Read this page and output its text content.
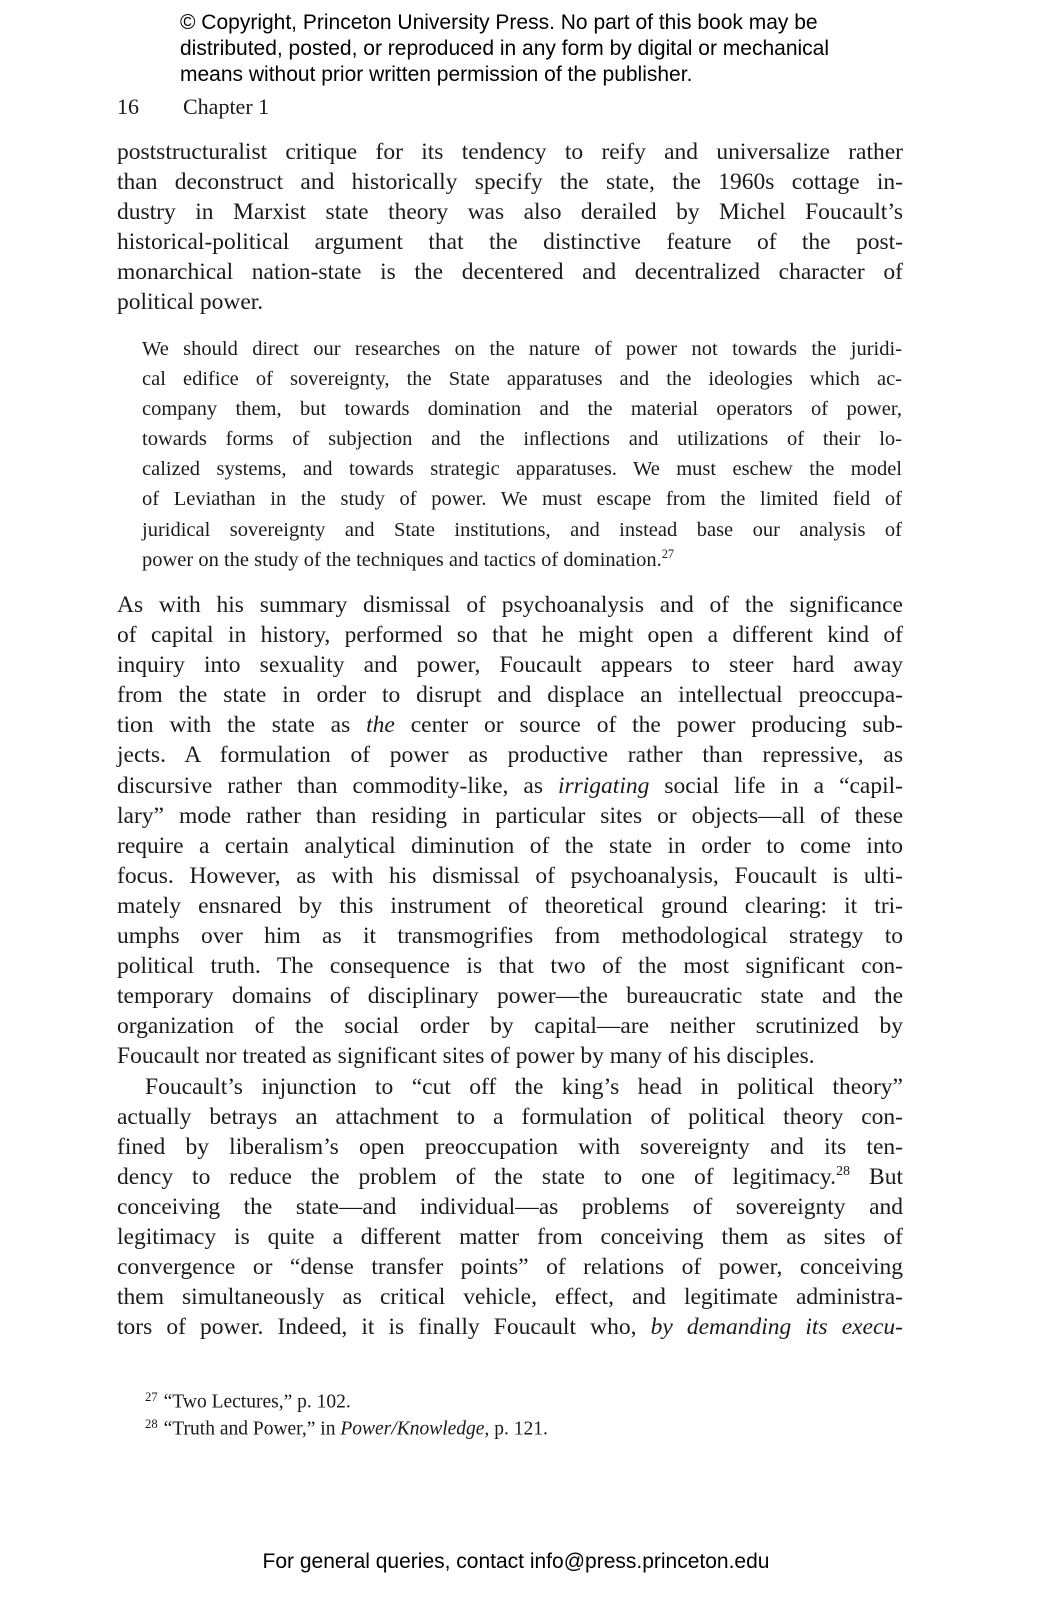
© Copyright, Princeton University Press. No part of this book may be
distributed, posted, or reproduced in any form by digital or mechanical
means without prior written permission of the publisher.
16 Chapter 1
poststructuralist critique for its tendency to reify and universalize rather
than deconstruct and historically specify the state, the 1960s cottage in-
dustry in Marxist state theory was also derailed by Michel Foucault’s
historical-political argument that the distinctive feature of the post-
monarchical nation-state is the decentered and decentralized character of
political power.
We should direct our researches on the nature of power not towards the juridi-
cal edifice of sovereignty, the State apparatuses and the ideologies which ac-
company them, but towards domination and the material operators of power,
towards forms of subjection and the inflections and utilizations of their lo-
calized systems, and towards strategic apparatuses. We must eschew the model
of Leviathan in the study of power. We must escape from the limited field of
juridical sovereignty and State institutions, and instead base our analysis of
power on the study of the techniques and tactics of domination.$^{27}$
As with his summary dismissal of psychoanalysis and of the significance
of capital in history, performed so that he might open a different kind of
inquiry into sexuality and power, Foucault appears to steer hard away
from the state in order to disrupt and displace an intellectual preoccupa-
tion with the state as the center or source of the power producing sub-
jects. A formulation of power as productive rather than repressive, as
discursive rather than commodity-like, as irrigating social life in a “capil-
lary” mode rather than residing in particular sites or objects—all of these
require a certain analytical diminution of the state in order to come into
focus. However, as with his dismissal of psychoanalysis, Foucault is ulti-
mately ensnared by this instrument of theoretical ground clearing: it tri-
umphs over him as it transmogrifies from methodological strategy to
political truth. The consequence is that two of the most significant con-
temporary domains of disciplinary power—the bureaucratic state and the
organization of the social order by capital—are neither scrutinized by
Foucault nor treated as significant sites of power by many of his disciples.
Foucault’s injunction to “cut off the king’s head in political theory”
actually betrays an attachment to a formulation of political theory con-
fined by liberalism’s open preoccupation with sovereignty and its ten-
dency to reduce the problem of the state to one of legitimacy.$^{28}$ But
conceiving the state—and individual—as problems of sovereignty and
legitimacy is quite a different matter from conceiving them as sites of
convergence or “dense transfer points” of relations of power, conceiving
them simultaneously as critical vehicle, effect, and legitimate administra-
tors of power. Indeed, it is finally Foucault who, by demanding its execu-
$^{27}$ “Two Lectures,” p. 102.
$^{28}$ “Truth and Power,” in Power/Knowledge, p. 121.
For general queries, contact info@press.princeton.edu
